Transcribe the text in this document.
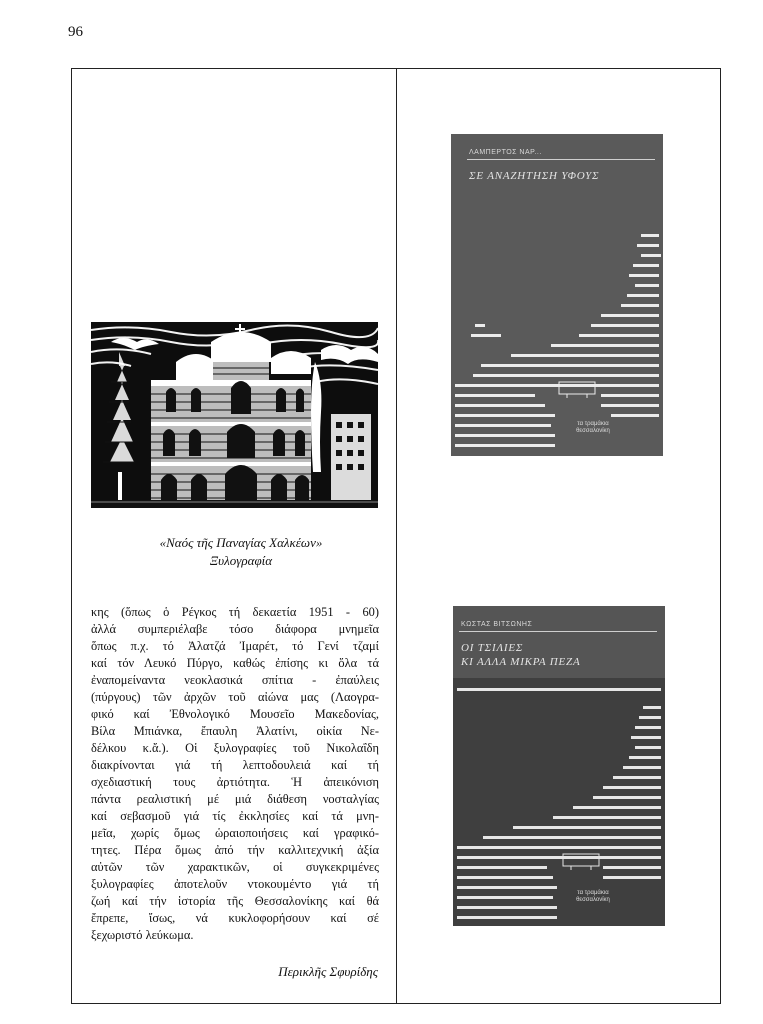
96
«Ναός τῆς Παναγίας Χαλκέων»
Ξυλογραφία
κης (ὅπως ὁ Ρέγκος τή δεκαετία 1951 - 60)
ἀλλά συμπεριέλαβε τόσο διάφορα μνημεῖα
ὅπως π.χ. τό Ἀλατζά Ἰμαρέτ, τό Γενί τζαμί
καί τόν Λευκό Πύργο, καθώς ἐπίσης κι ὅλα τά
ἐναπομείναντα νεοκλασικά σπίτια - ἐπαύλεις
(πύργους) τῶν ἀρχῶν τοῦ αἰώνα μας (Λαογρα-
φικό καί Ἐθνολογικό Μουσεῖο Μακεδονίας,
Βίλα Μπιάνκα, ἔπαυλη Ἀλατίνι, οἰκία Νε-
δέλκου κ.ἄ.). Οἱ ξυλογραφίες τοῦ Νικολαΐδη
διακρίνονται γιά τή λεπτοδουλειά καί τή
σχεδιαστική τους ἀρτιότητα. Ἡ ἀπεικόνιση
πάντα ρεαλιστική μέ μιά διάθεση νοσταλγίας
καί σεβασμοῦ γιά τίς ἐκκλησίες καί τά μνη-
μεῖα, χωρίς ὅμως ὡραιοποιήσεις καί γραφικό-
τητες. Πέρα ὅμως ἀπό τήν καλλιτεχνική ἀξία
αὐτῶν τῶν χαρακτικῶν, οἱ συγκεκριμένες
ξυλογραφίες ἀποτελοῦν ντοκουμέντο γιά τή
ζωή καί τήν ἱστορία τῆς Θεσσαλονίκης καί θά
ἔπρεπε, ἴσως, νά κυκλοφορήσουν καί σέ
ξεχωριστό λεύκωμα.
Περικλῆς Σφυρίδης
ΛΑΜΠΕΡΤΟΣ ΝΑΡ...
ΣΕ ΑΝΑΖΗΤΗΣΗ ΥΦΟΥΣ
τα τραμάκια
θεσσαλονίκη
ΚΩΣΤΑΣ ΒΙΤΣΩΝΗΣ
ΟΙ ΤΣΙΛΙΕΣ
ΚΙ ΑΛΛΑ ΜΙΚΡΑ ΠΕΖΑ
τα τραμάκια
θεσσαλονίκη
